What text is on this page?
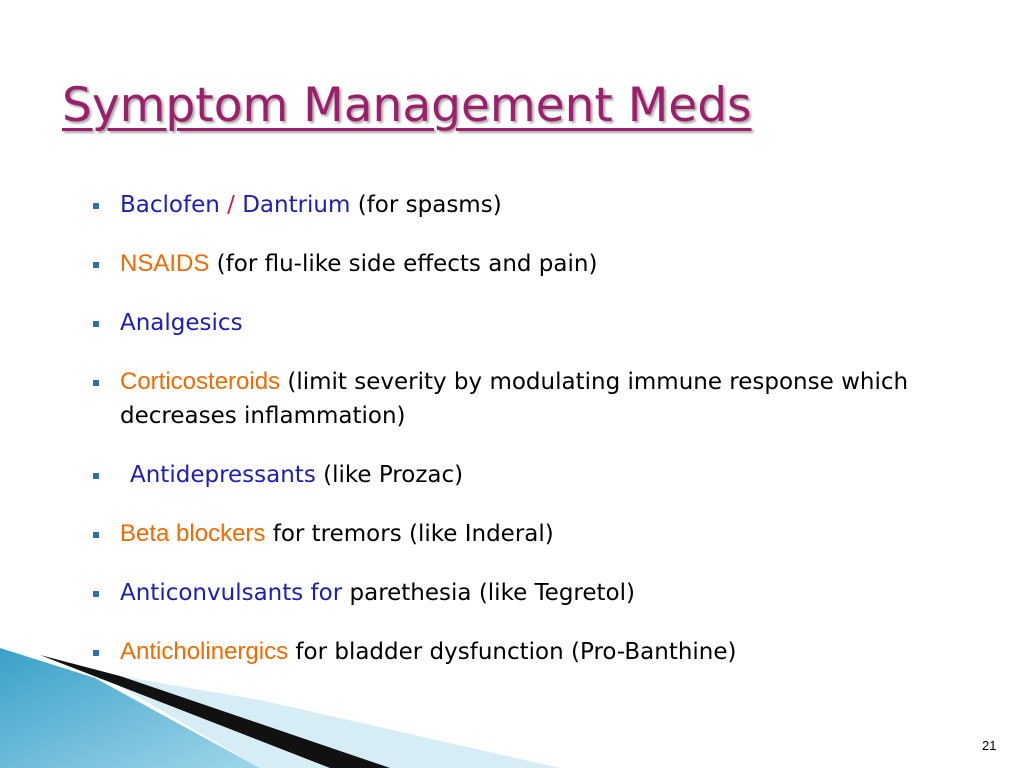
Symptom Management Meds
Baclofen / Dantrium (for spasms)
NSAIDS (for flu-like side effects and pain)
Analgesics
Corticosteroids (limit severity by modulating immune response which decreases inflammation)
Antidepressants (like Prozac)
Beta blockers for tremors (like Inderal)
Anticonvulsants for parethesia (like Tegretol)
Anticholinergics for bladder dysfunction (Pro-Banthine)
21
